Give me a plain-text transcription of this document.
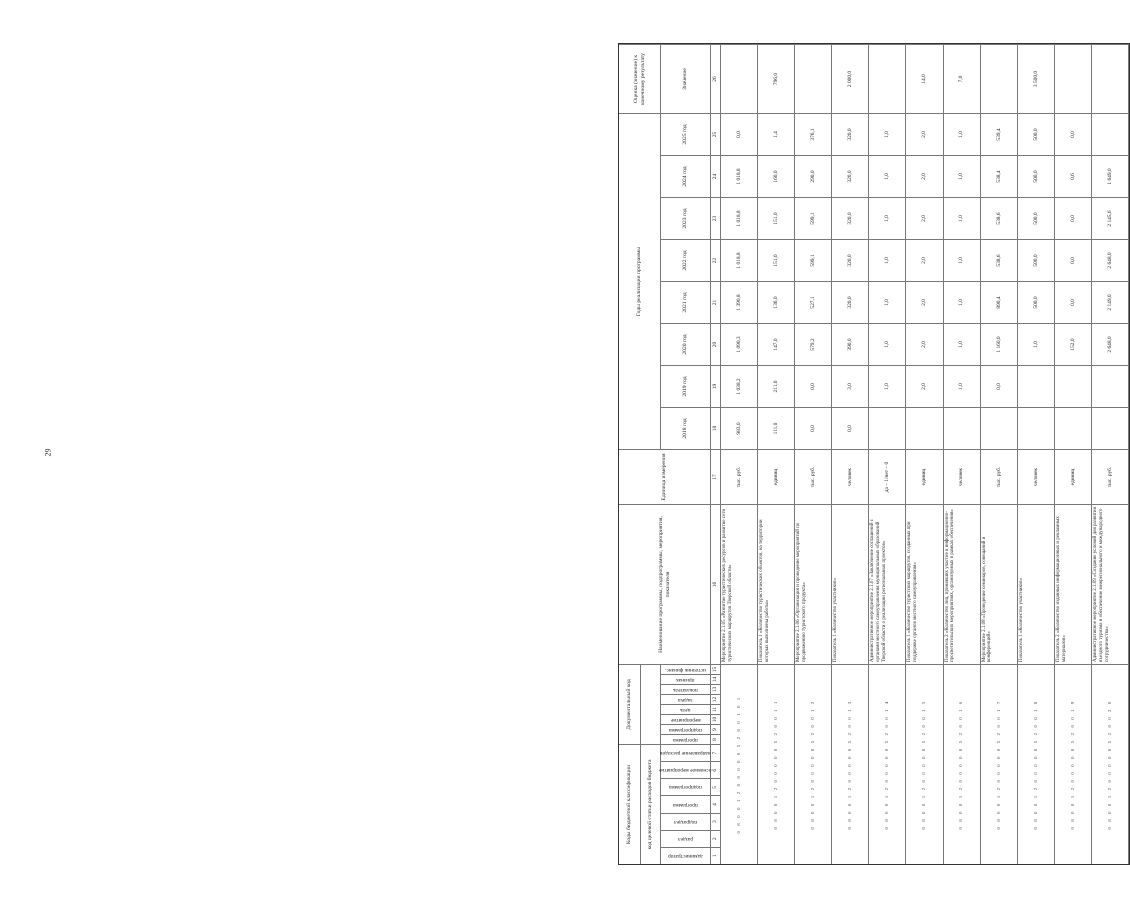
29
Коды бюджетной классификации
Документальный код
Наименование программы, подпрограммы, мероприятия, показателя
Единица измерения
Годы реализации программы
Оценка (значение) к конечному результату
код целевой статьи расходов бюджета
администратор
раздел
подраздел
программа
подпрограмма
основное мероприятие
направление расходов
программа
подпрограмма
мероприятие
цель
задача
показатель
признак
источник финанс.
2018 год
2019 год
2020 год
2021 год
2022 год
2023 год
2024 год
2025 год
Значение
1
2
3
4
5
6
7
8
9
10
11
12
13
14
15
16
17
18
19
20
21
22
23
24
25
26
0 8 0 0 1 2 0 0 0 0 0 5 2 0 0 1 0 1
Мероприятие 2.1.05 «Развитие туристических ресурсов и развитие сети туристических маршрутов Тверской области»
тыс. руб.
983,0
1 038,2
1 090,3
1 390,8
1 018,8
1 018,8
1 018,8
0,0
0 8 0 0 1 2 0 0 0 0 0 5 2 0 0 1 1
Показатель 1 «Количество туристических объектов, на территории которых выполнены работы»
единиц
111,0
211,0
147,0
136,0
151,0
151,0
160,0
1,4
796,0
0 8 0 0 1 2 0 0 0 0 0 5 2 0 0 1 2
Мероприятие 2.1.06 «Организация и проведение мероприятий по продвижению туристского продукта»
тыс. руб.
0,0
0,0
579,2
527,1
599,1
599,1
290,0
376,1
0 8 0 0 1 2 0 0 0 0 0 5 2 0 0 1 3
Показатель 1 «Количество участников»
человек
0,0
3,0
390,0
320,0
320,0
320,0
320,0
320,0
2 000,0
0 8 0 0 1 2 0 0 0 0 0 5 2 0 0 1 4
Административное мероприятие 2.1.07 «Заключение соглашений с органами местного самоуправления муниципальных образований Тверской области о реализации региональных проектов»
да – 1/нет – 0
1,0
1,0
1,0
1,0
1,0
1,0
1,0
0 8 0 0 1 2 0 0 0 0 0 5 2 0 0 1 5
Показатель 1 «Количество туристских маршрутов, созданных при поддержке органов местного самоуправления»
единиц
2,0
2,0
2,0
2,0
2,0
2,0
2,0
14,0
0 8 0 0 1 2 0 0 0 0 0 5 2 0 0 1 6
Показатель 2 «Количество лиц, принявших участие в информационно-просветительских мероприятиях, организуемых в рамках обеспечения»
человек
1,0
1,0
1,0
1,0
1,0
1,0
1,0
7,0
0 8 0 0 1 2 0 0 0 0 0 5 2 0 0 1 7
Мероприятие 2.1.08 «Проведение семинаров, совещаний и конференций»
тыс. руб.
0,0
1 160,0
890,4
538,6
538,6
538,4
539,4
0 8 0 0 1 2 0 0 0 0 0 5 2 0 0 1 8
Показатель 1 «Количество участников»
человек
1,0
500,0
500,0
500,0
500,0
500,0
3 500,0
0 8 0 0 1 2 0 0 0 0 0 5 2 0 0 1 9
Показатель 2 «Количество изданных информационных и рекламных материалов»
единиц
152,0
0,0
0,0
0,0
0,6
0,0
0 8 0 0 1 2 0 0 0 0 0 5 2 0 0 2 0
Административное мероприятие 2.1.09 «Создание условий для развития въездного туризма и обеспечение межрегионального и международного сотрудничества»
тыс. руб.
2 648,0
2 149,0
2 648,0
2 145,6
1 649,0
